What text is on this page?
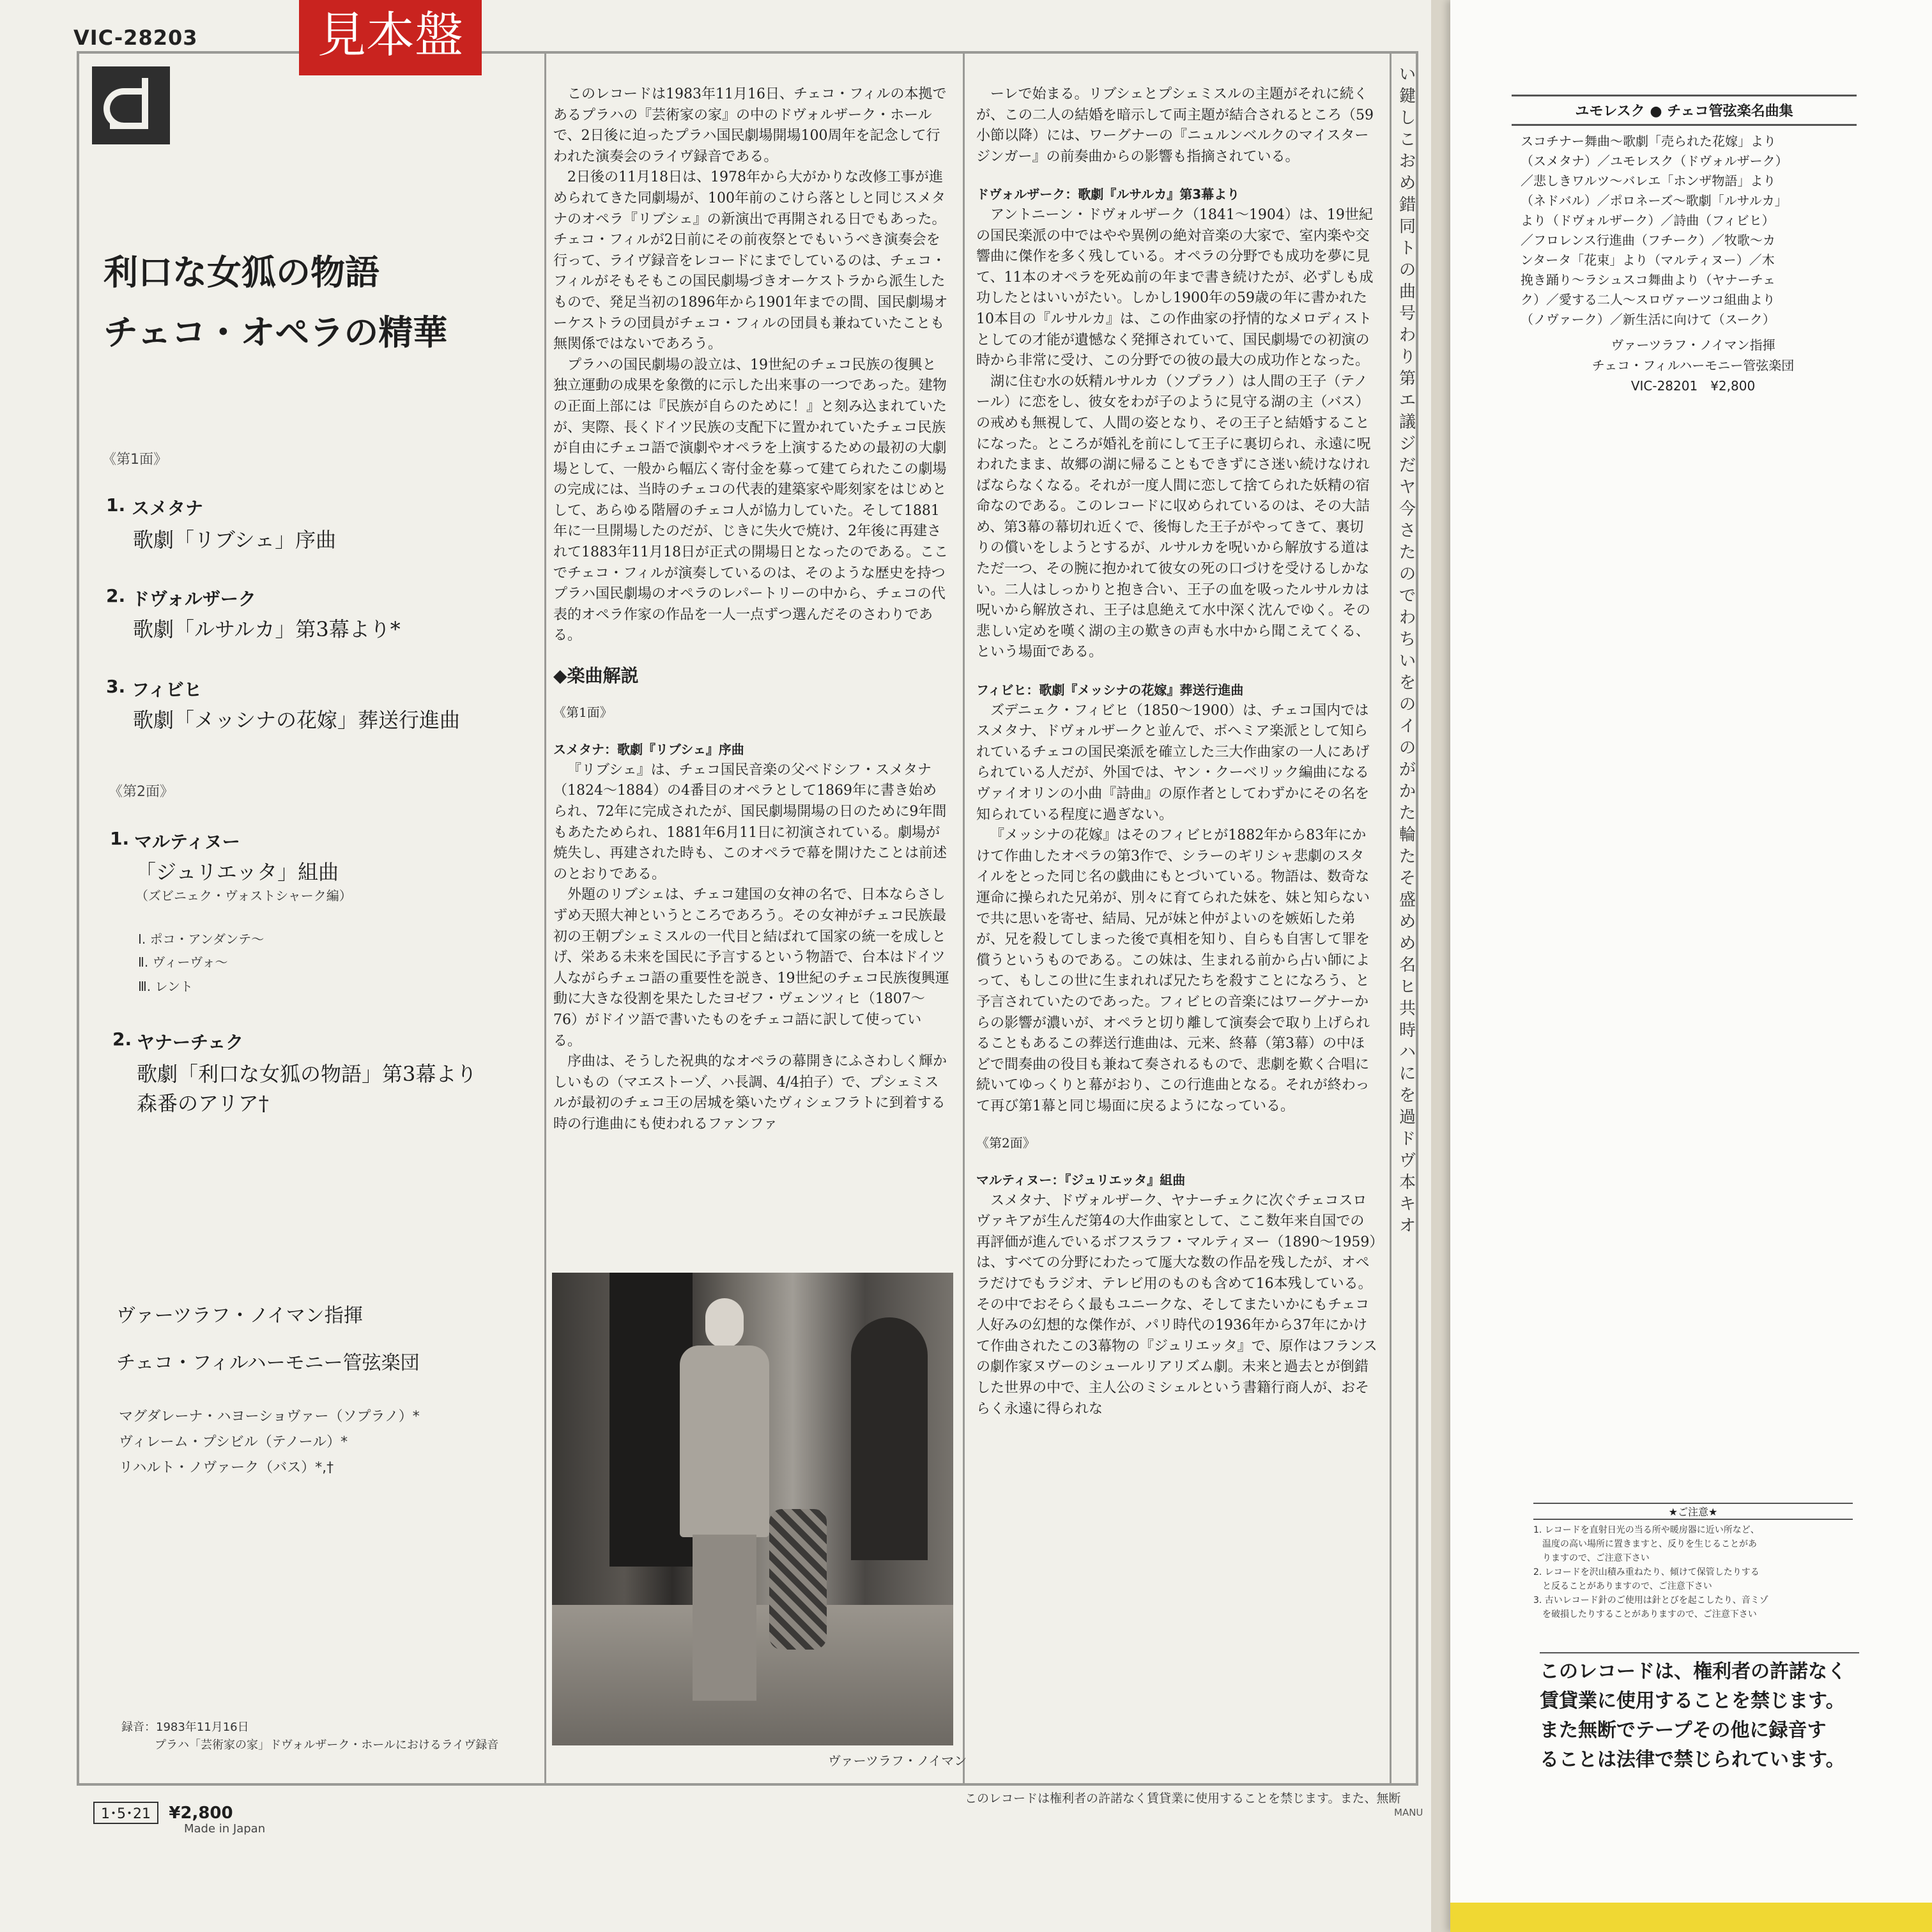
VIC-28203	見本盤
利口な女狐の物語
チェコ・オペラの精華
《第1面》
1. スメタナ
歌劇「リブシェ」序曲
2. ドヴォルザーク
歌劇「ルサルカ」第3幕より*
3. フィビヒ
歌劇「メッシナの花嫁」葬送行進曲
《第2面》
1. マルティヌー
「ジュリエッタ」組曲
（ズビニェク・ヴォストシャーク編）
Ⅰ. ポコ・アンダンテ～
Ⅱ. ヴィーヴォ～
Ⅲ. レント
2. ヤナーチェク
歌劇「利口な女狐の物語」第3幕より
森番のアリア†
ヴァーツラフ・ノイマン指揮
チェコ・フィルハーモニー管弦楽団
マグダレーナ・ハヨーショヴァー（ソプラノ）*
ヴィレーム・プシビル（テノール）*
リハルト・ノヴァーク（バス）*,†
録音：1983年11月16日
プラハ「芸術家の家」ドヴォルザーク・ホールにおけるライヴ録音

このレコードは1983年11月16日、チェコ・フィルの本拠であるプラハの『芸術家の家』の中のドヴォルザーク・ホールで、2日後に迫ったプラハ国民劇場開場100周年を記念して行われた演奏会のライヴ録音である。

2日後の11月18日は、1978年から大がかりな改修工事が進められてきた同劇場が、100年前のこけら落としと同じスメタナのオペラ『リブシェ』の新演出で再開される日でもあった。チェコ・フィルが2日前にその前夜祭とでもいうべき演奏会を行って、ライヴ録音をレコードにまでしているのは、チェコ・フィルがそもそもこの国民劇場づきオーケストラから派生したもので、発足当初の1896年から1901年までの間、国民劇場オーケストラの団員がチェコ・フィルの団員も兼ねていたことも無関係ではないであろう。

プラハの国民劇場の設立は、19世紀のチェコ民族の復興と独立運動の成果を象徴的に示した出来事の一つであった。建物の正面上部には『民族が自らのために！』と刻み込まれていたが、実際、長くドイツ民族の支配下に置かれていたチェコ民族が自由にチェコ語で演劇やオペラを上演するための最初の大劇場として、一般から幅広く寄付金を募って建てられたこの劇場の完成には、当時のチェコの代表的建築家や彫刻家をはじめとして、あらゆる階層のチェコ人が協力していた。そして1881年に一旦開場したのだが、じきに失火で焼け、2年後に再建されて1883年11月18日が正式の開場日となったのである。ここでチェコ・フィルが演奏しているのは、そのような歴史を持つプラハ国民劇場のオペラのレパートリーの中から、チェコの代表的オペラ作家の作品を一人一点ずつ選んだそのさわりである。

◆楽曲解説

《第1面》

スメタナ：歌劇『リブシェ』序曲

『リブシェ』は、チェコ国民音楽の父ベドシフ・スメタナ（1824～1884）の4番目のオペラとして1869年に書き始められ、72年に完成されたが、国民劇場開場の日のために9年間もあたためられ、1881年6月11日に初演されている。劇場が焼失し、再建された時も、このオペラで幕を開けたことは前述のとおりである。

外題のリブシェは、チェコ建国の女神の名で、日本ならさしずめ天照大神というところであろう。その女神がチェコ民族最初の王朝プシェミスルの一代目と結ばれて国家の統一を成しとげ、栄ある未来を国民に予言するという物語で、台本はドイツ人ながらチェコ語の重要性を説き、19世紀のチェコ民族復興運動に大きな役割を果たしたヨゼフ・ヴェンツィヒ（1807～76）がドイツ語で書いたものをチェコ語に訳して使っている。

序曲は、そうした祝典的なオペラの幕開きにふさわしく輝かしいもの（マエストーゾ、ハ長調、4/4拍子）で、プシェミスルが最初のチェコ王の居城を築いたヴィシェフラトに到着する時の行進曲にも使われるファンファ

ーレで始まる。リブシェとプシェミスルの主題がそれに続くが、この二人の結婚を暗示して両主題が結合されるところ（59小節以降）には、ワーグナーの『ニュルンベルクのマイスタージンガー』の前奏曲からの影響も指摘されている。

ドヴォルザーク：歌劇『ルサルカ』第3幕より

アントニーン・ドヴォルザーク（1841～1904）は、19世紀の国民楽派の中ではやや異例の絶対音楽の大家で、室内楽や交響曲に傑作を多く残している。オペラの分野でも成功を夢に見て、11本のオペラを死ぬ前の年まで書き続けたが、必ずしも成功したとはいいがたい。しかし1900年の59歳の年に書かれた10本目の『ルサルカ』は、この作曲家の抒情的なメロディストとしての才能が遺憾なく発揮されていて、国民劇場での初演の時から非常に受け、この分野での彼の最大の成功作となった。

湖に住む水の妖精ルサルカ（ソプラノ）は人間の王子（テノール）に恋をし、彼女をわが子のように見守る湖の主（バス）の戒めも無視して、人間の姿となり、その王子と結婚することになった。ところが婚礼を前にして王子に裏切られ、永遠に呪われたまま、故郷の湖に帰ることもできずにさ迷い続けなければならなくなる。それが一度人間に恋して捨てられた妖精の宿命なのである。このレコードに収められているのは、その大詰め、第3幕の幕切れ近くで、後悔した王子がやってきて、裏切りの償いをしようとするが、ルサルカを呪いから解放する道はただ一つ、その腕に抱かれて彼女の死の口づけを受けるしかない。二人はしっかりと抱き合い、王子の血を吸ったルサルカは呪いから解放され、王子は息絶えて水中深く沈んでゆく。その悲しい定めを嘆く湖の主の歎きの声も水中から聞こえてくる、という場面である。

フィビヒ：歌劇『メッシナの花嫁』葬送行進曲

ズデニェク・フィビヒ（1850～1900）は、チェコ国内ではスメタナ、ドヴォルザークと並んで、ボヘミア楽派として知られているチェコの国民楽派を確立した三大作曲家の一人にあげられている人だが、外国では、ヤン・クーベリック編曲になるヴァイオリンの小曲『詩曲』の原作者としてわずかにその名を知られている程度に過ぎない。

『メッシナの花嫁』はそのフィビヒが1882年から83年にかけて作曲したオペラの第3作で、シラーのギリシャ悲劇のスタイルをとった同じ名の戯曲にもとづいている。物語は、数奇な運命に操られた兄弟が、別々に育てられた妹を、妹と知らないで共に思いを寄せ、結局、兄が妹と仲がよいのを嫉妬した弟が、兄を殺してしまった後で真相を知り、自らも自害して罪を償うというものである。この妹は、生まれる前から占い師によって、もしこの世に生まれれば兄たちを殺すことになろう、と予言されていたのであった。フィビヒの音楽にはワーグナーからの影響が濃いが、オペラと切り離して演奏会で取り上げられることもあるこの葬送行進曲は、元来、終幕（第3幕）の中ほどで間奏曲の役目も兼ねて奏されるもので、悲劇を歎く合唱に続いてゆっくりと幕がおり、この行進曲となる。それが終わって再び第1幕と同じ場面に戻るようになっている。

《第2面》

マルティヌー：『ジュリエッタ』組曲

スメタナ、ドヴォルザーク、ヤナーチェクに次ぐチェコスロヴァキアが生んだ第4の大作曲家として、ここ数年来自国での再評価が進んでいるボフスラフ・マルティヌー（1890～1959）は、すべての分野にわたって厖大な数の作品を残したが、オペラだけでもラジオ、テレビ用のものも含めて16本残している。その中でおそらく最もユニークな、そしてまたいかにもチェコ人好みの幻想的な傑作が、パリ時代の1936年から37年にかけて作曲されたこの3幕物の『ジュリエッタ』で、原作はフランスの劇作家ヌヴーのシュールリアリズム劇。未来と過去とが倒錯した世界の中で、主人公のミシェルという書籍行商人が、おそらく永遠に得られな

ヴァーツラフ・ノイマン
1･5･21 ¥2,800
Made in Japan
このレコードは権利者の許諾なく賃貸業に使用することを禁じます。また、無断
MANU
い
鍵
し
こ
お
め
錯
同
ト
の
曲
号
わ
り
第
エ
議
ジ
だ
ヤ
今
さ
た
の
で
わ
ち
い
を
の
イ
の
が
か
た
輪
た
そ
盛
め
め
名
ヒ
共
時
ハ
に
を
過
ド
ヴ
本
キ
オ
ユモレスク ● チェコ管弦楽名曲集
スコチナー舞曲～歌劇「売られた花嫁」より
（スメタナ）／ユモレスク（ドヴォルザーク）
／悲しきワルツ～バレエ「ホンザ物語」より
（ネドバル）／ポロネーズ～歌劇「ルサルカ」
より（ドヴォルザーク）／詩曲（フィビヒ）
／フロレンス行進曲（フチーク）／牧歌～カ
ンタータ「花束」より（マルティヌー）／木
挽き踊り～ラシュスコ舞曲より（ヤナーチェ
ク）／愛する二人～スロヴァーツコ組曲より
（ノヴァーク）／新生活に向けて（スーク）
ヴァーツラフ・ノイマン指揮
チェコ・フィルハーモニー管弦楽団
VIC-28201　¥2,800
★ご注意★
1. レコードを直射日光の当る所や暖房器に近い所など、
　温度の高い場所に置きますと、反りを生じることがあ
　りますので、ご注意下さい
2. レコードを沢山積み重ねたり、傾けて保管したりする
　と反ることがありますので、ご注意下さい
3. 古いレコード針のご使用は針とびを起こしたり、音ミゾ
　を破損したりすることがありますので、ご注意下さい
このレコードは、権利者の許諾なく
賃貸業に使用することを禁じます。
また無断でテープその他に録音す
ることは法律で禁じられています。
